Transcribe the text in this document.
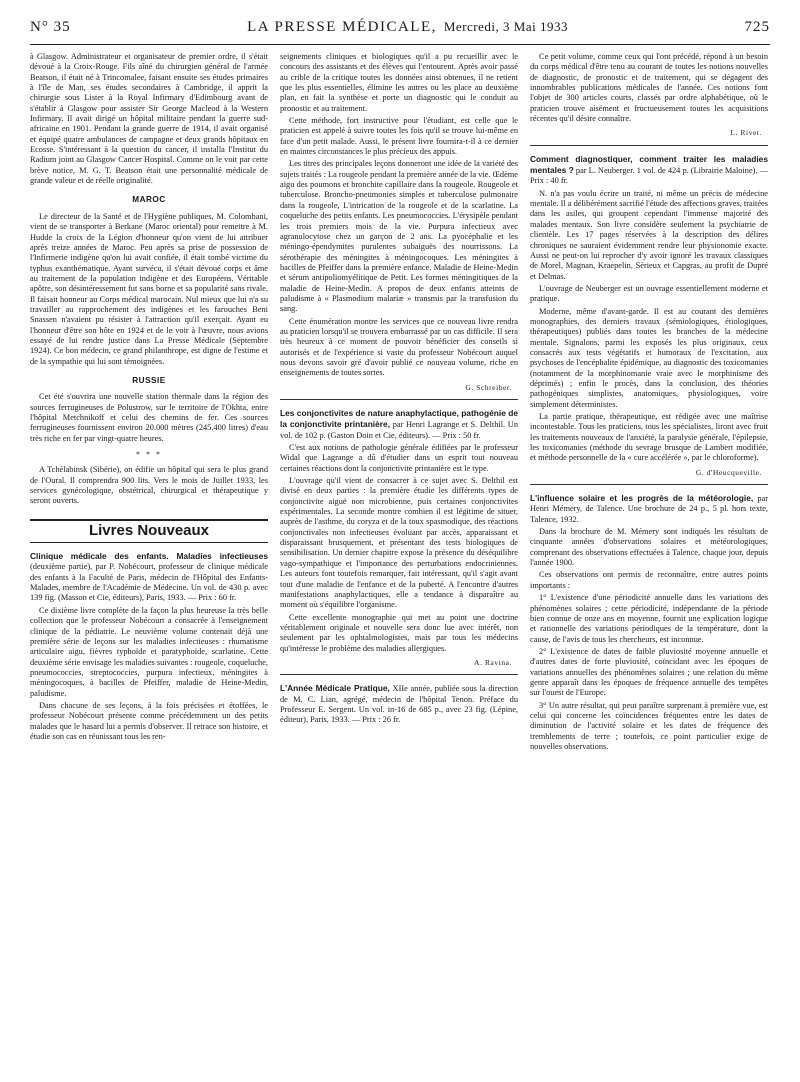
N° 35	LA PRESSE MÉDICALE, Mercredi, 3 Mai 1933	725

à Glasgow. Administrateur et organisateur de premier ordre, il s'était dévoué à la Croix-Rouge. Fils aîné du chirurgien général de l'armée Beatson, il était né à Trincomalee, faisant ensuite ses études primaires à l'île de Man, ses études secondaires à Cambridge, il apprit la chirurgie sous Lister à la Royal Infirmary d'Edimbourg avant de s'établir à Glasgow pour assister Sir George Macleod à la Western Infirmary. Il avait dirigé un hôpital militaire pendant la guerre sud-africaine en 1901. Pendant la grande guerre de 1914, il avait organisé et équipé quatre ambulances de campagne et deux grands hôpitaux en Ecosse. S'intéressant à la question du cancer, il installa l'Institut du Radium joint au Glasgow Cancer Hospital. Comme on le voit par cette brève notice, M. G. T. Beatson était une personnalité médicale de grande valeur et de réelle originalité.

MAROC

Le directeur de la Santé et de l'Hygiène publiques, M. Colombani, vient de se transporter à Berkane (Maroc oriental) pour remettre à M. Hudde la croix de la Légion d'honneur qu'on vient de lui attribuer après treize années de Maroc. Peu après sa prise de possession de l'Infirmerie indigène qu'on lui avait confiée, il était tombé victime du typhus exanthématique. Ayant survécu, il s'était dévoué corps et âme au traitement de la population indigène et des Européens. Véritable apôtre, son désintéressement fut sans borne et sa popularité sans rivale. Il faisait honneur au Corps médical marocain. Nul mieux que lui n'a su travailler au rapprochement des indigènes et les farouches Beni Snassen n'avaient pu résister à l'attraction qu'il exerçait. Ayant eu l'honneur d'être son hôte en 1924 et de le voir à l'œuvre, nous avions essayé de lui rendre justice dans La Presse Médicale (Septembre 1924). Ce bon médecin, ce grand philanthrope, est digne de l'estime et de la sympathie qui lui sont témoignées.

RUSSIE

Cet été s'ouvrira une nouvelle station thermale dans la région des sources ferrugineuses de Polustrow, sur le territoire de l'Okhta, entre l'hôpital Metchnikoff et celui des chemins de fer. Ces sources ferrugineuses fournissent environ 20.000 mètres (245.400 litres) d'eau très riche en fer par vingt-quatre heures.

* * *

A Tchélabinsk (Sibérie), on édifie un hôpital qui sera le plus grand de l'Oural. Il comprendra 900 lits. Vers le mois de Juillet 1933, les services gynécologique, obstétrical, chirurgical et thérapeutique y seront ouverts.

Livres Nouveaux

Clinique médicale des enfants. Maladies infectieuses (deuxième partie), par P. Nobécourt, professeur de clinique médicale des enfants à la Faculté de Paris, médecin de l'Hôpital des Enfants-Malades, membre de l'Académie de Médecine. Un vol. de 430 p. avec 139 fig. (Masson et Cie, éditeurs), Paris, 1933. — Prix : 60 fr.

Ce dixième livre complète de la façon la plus heureuse la très belle collection que le professeur Nobécourt a consacrée à l'enseignement clinique de la pédiatrie. Le neuvième volume contenait déjà une première série de leçons sur les maladies infectieuses : rhumatisme articulaire aigu, fièvres typhoïde et paratyphoïde, scarlatine. Cette deuxième série envisage les maladies suivantes : rougeole, coqueluche, pneumococcies, streptococcies, purpura infectieux, méningites à méningocoques, à bacilles de Pfeiffer, maladie de Heine-Medin, paludisme.

Dans chacune de ses leçons, à la fois précisées et étoffées, le professeur Nobécourt présente comme précédemment un des petits malades que le hasard lui a permis d'observer. Il retrace son histoire, et étudie son cas en réunissant tous les ren-

seignements cliniques et biologiques qu'il a pu recueillir avec le concours des assistants et des élèves qui l'entourent. Après avoir passé au crible de la critique toutes les données ainsi obtenues, il ne retient que les plus essentielles, élimine les autres ou les place au deuxième plan, en fait la synthèse et porte un diagnostic qui le conduit au pronostic et au traitement.

Cette méthode, fort instructive pour l'étudiant, est celle que le praticien est appelé à suivre toutes les fois qu'il se trouve lui-même en face d'un petit malade. Aussi, le présent livre fournira-t-il à ce dernier en maintes circonstances le plus précieux des appuis.

Les titres des principales leçons donneront une idée de la variété des sujets traités : La rougeole pendant la première année de la vie. Œdème aigu des poumons et bronchite capillaire dans la rougeole. Rougeole et tuberculose. Broncho-pneumonies simples et tuberculose pulmonaire dans la rougeole, L'intrication de la rougeole et de la scarlatine. La coqueluche des petits enfants. Les pneumococcies. L'érysipèle pendant les trois premiers mois de la vie. Purpura infectieux avec agranulocytose chez un garçon de 2 ans. La pyocéphalie et les méningo-épendymites purulentes subaiguës des nourrissons. La sérothérapie des méningites à méningocoques. Les méningites à bacilles de Pfeiffer dans la première enfance. Maladie de Heine-Medin et sérum antipoliomyélitique de Petit. Les formes méningitiques de la maladie de Heine-Medin. A propos de deux enfants atteints de paludisme à « Plasmodium malariæ » transmis par la transfusion du sang.

Cette énumération montre les services que ce nouveau livre rendra au praticien lorsqu'il se trouvera embarrassé par un cas difficile. Il sera très heureux à ce moment de pouvoir bénéficier des conseils si autorisés et de l'expérience si vaste du professeur Nobécourt auquel nous devons savoir gré d'avoir publié ce nouveau volume, riche en enseignements de toutes sortes.

G. Schreiber.

Les conjonctivites de nature anaphylactique, pathogénie de la conjonctivite printanière, par Henri Lagrange et S. Delthil. Un vol. de 102 p. (Gaston Doin et Cie, éditeurs). — Prix : 50 fr.

C'est aux notions de pathologie générale édifiées par le professeur Widal que Lagrange a dû d'étudier dans un esprit tout nouveau certaines réactions dont la conjonctivite printanière est le type.

L'ouvrage qu'il vient de consacrer à ce sujet avec S. Delthil est divisé en deux parties : la première étudie les différents types de conjonctivite aiguë non microbienne, puis certaines conjonctivites expérimentales. La seconde montre combien il est légitime de situer, auprès de l'asthme, du coryza et de la toux spasmodique, des réactions conjonctivales non infectieuses évoluant par accès, apparaissant et disparaissant brusquement, et présentant des tests biologiques de sensibilisation. Un dernier chapitre expose la présence du déséquilibre vago-sympathique et l'importance des perturbations endocriniennes. Les auteurs font toutefois remarquer, fait intéressant, qu'il s'agit avant tout d'une maladie de l'enfance et de la puberté. A l'encontre d'autres manifestations anaphylactiques, elle a tendance à disparaître au moment où s'équilibre l'organisme.

Cette excellente monographie qui met au point une doctrine véritablement originale et nouvelle sera donc lue avec intérêt, non seulement par les ophtalmologistes, mais par tous les médecins qu'intéresse le problème des maladies allergiques.

A. Ravina.

L'Année Médicale Pratique, XIIe année, publiée sous la direction de M. C. Lian, agrégé, médecin de l'hôpital Tenon. Préface du Professeur E. Sergent. Un vol. in-16 de 685 p., avec 23 fig. (Lépine, éditeur), Paris, 1933. — Prix : 26 fr.

Ce petit volume, comme ceux qui l'ont précédé, répond à un besoin du corps médical d'être tenu au courant de toutes les notions nouvelles de diagnostic, de pronostic et de traitement, qui se dégagent des innombrables publications médicales de l'année. Ces notions font l'objet de 300 articles courts, classés par ordre alphabétique, où le praticien trouve aisément et fructueusement toutes les acquisitions récentes qu'il désire connaître.

L. Rivet.

Comment diagnostiquer, comment traiter les maladies mentales ? par L. Neuberger. 1 vol. de 424 p. (Librairie Maloine). — Prix : 40 fr.

N. n'a pas voulu écrire un traité, ni même un précis de médecine mentale. Il a délibérément sacrifié l'étude des affections graves, traitées dans les asiles, qui groupent cependant l'immense majorité des malades mentaux. Son livre considère seulement la psychiatrie de clientèle. Les 17 pages réservées à la description des délires chroniques ne sauraient évidemment rendre leur physionomie exacte. Aussi ne peut-on lui reprocher d'y avoir ignoré les travaux classiques de Morel, Magnan, Kraepelin, Sérieux et Capgras, au profit de Dupré et Delmas.

L'ouvrage de Neuberger est un ouvrage essentiellement moderne et pratique.

Moderne, même d'avant-garde. Il est au courant des dernières monographies, des derniers travaux (sémiologiques, étiologiques, thérapeutiques) publiés dans toutes les branches de la médecine mentale. Signalons, parmi les exposés les plus originaux, ceux consacrés aux tests végétatifs et humoraux de l'excitation, aux psychoses de l'encéphalite épidémique, au diagnostic des toxicomanies (notamment de la morphinomanie vraie avec le morphinisme des déprimés) ; enfin le procès, dans la conclusion, des théories pathogéniques simplistes, anatomiques, physiologiques, voire simplement déterministes.

La partie pratique, thérapeutique, est rédigée avec une maîtrise incontestable. Tous les praticiens, tous les spécialistes, liront avec fruit les traitements nouveaux de l'anxiété, la paralysie générale, l'épilepsie, les toxicomanies (méthode du sevrage brusque de Lambert modifiée, et méthode personnelle de la « cure accélérée », par le chloroforme).

G. d'Heucqueville.

L'influence solaire et les progrès de la météorologie, par Henri Mémery, de Talence. Une brochure de 24 p., 5 pl. hors texte, Talence, 1932.

Dans la brochure de M. Mémery sont indiqués les résultats de cinquante années d'observations solaires et météorologiques, comprenant des observations effectuées à Talence, chaque jour, depuis l'année 1900.

Ces observations ont permis de reconnaître, entre autres points importants :

1° L'existence d'une périodicité annuelle dans les variations des phénomènes solaires ; cette périodicité, indépendante de la période bien connue de onze ans en moyenne, fournit une explication logique et rationnelle des variations périodiques de la température, dont la cause, de l'avis de tous les chercheurs, est inconnue.

2° L'existence de dates de faible pluviosité moyenne annuelle et d'autres dates de forte pluviosité, coïncidant avec les époques de variations annuelles des phénomènes solaires ; une relation du même genre apparaît dans les époques de fréquence annuelle des tempêtes sur l'ouest de l'Europe.

3° Un autre résultat, qui peut paraître surprenant à première vue, est celui qui concerne les coïncidences fréquentes entre les dates de diminution de l'activité solaire et les dates de fréquence des tremblements de terre ; toutefois, ce point particulier exige de nouvelles observations.
